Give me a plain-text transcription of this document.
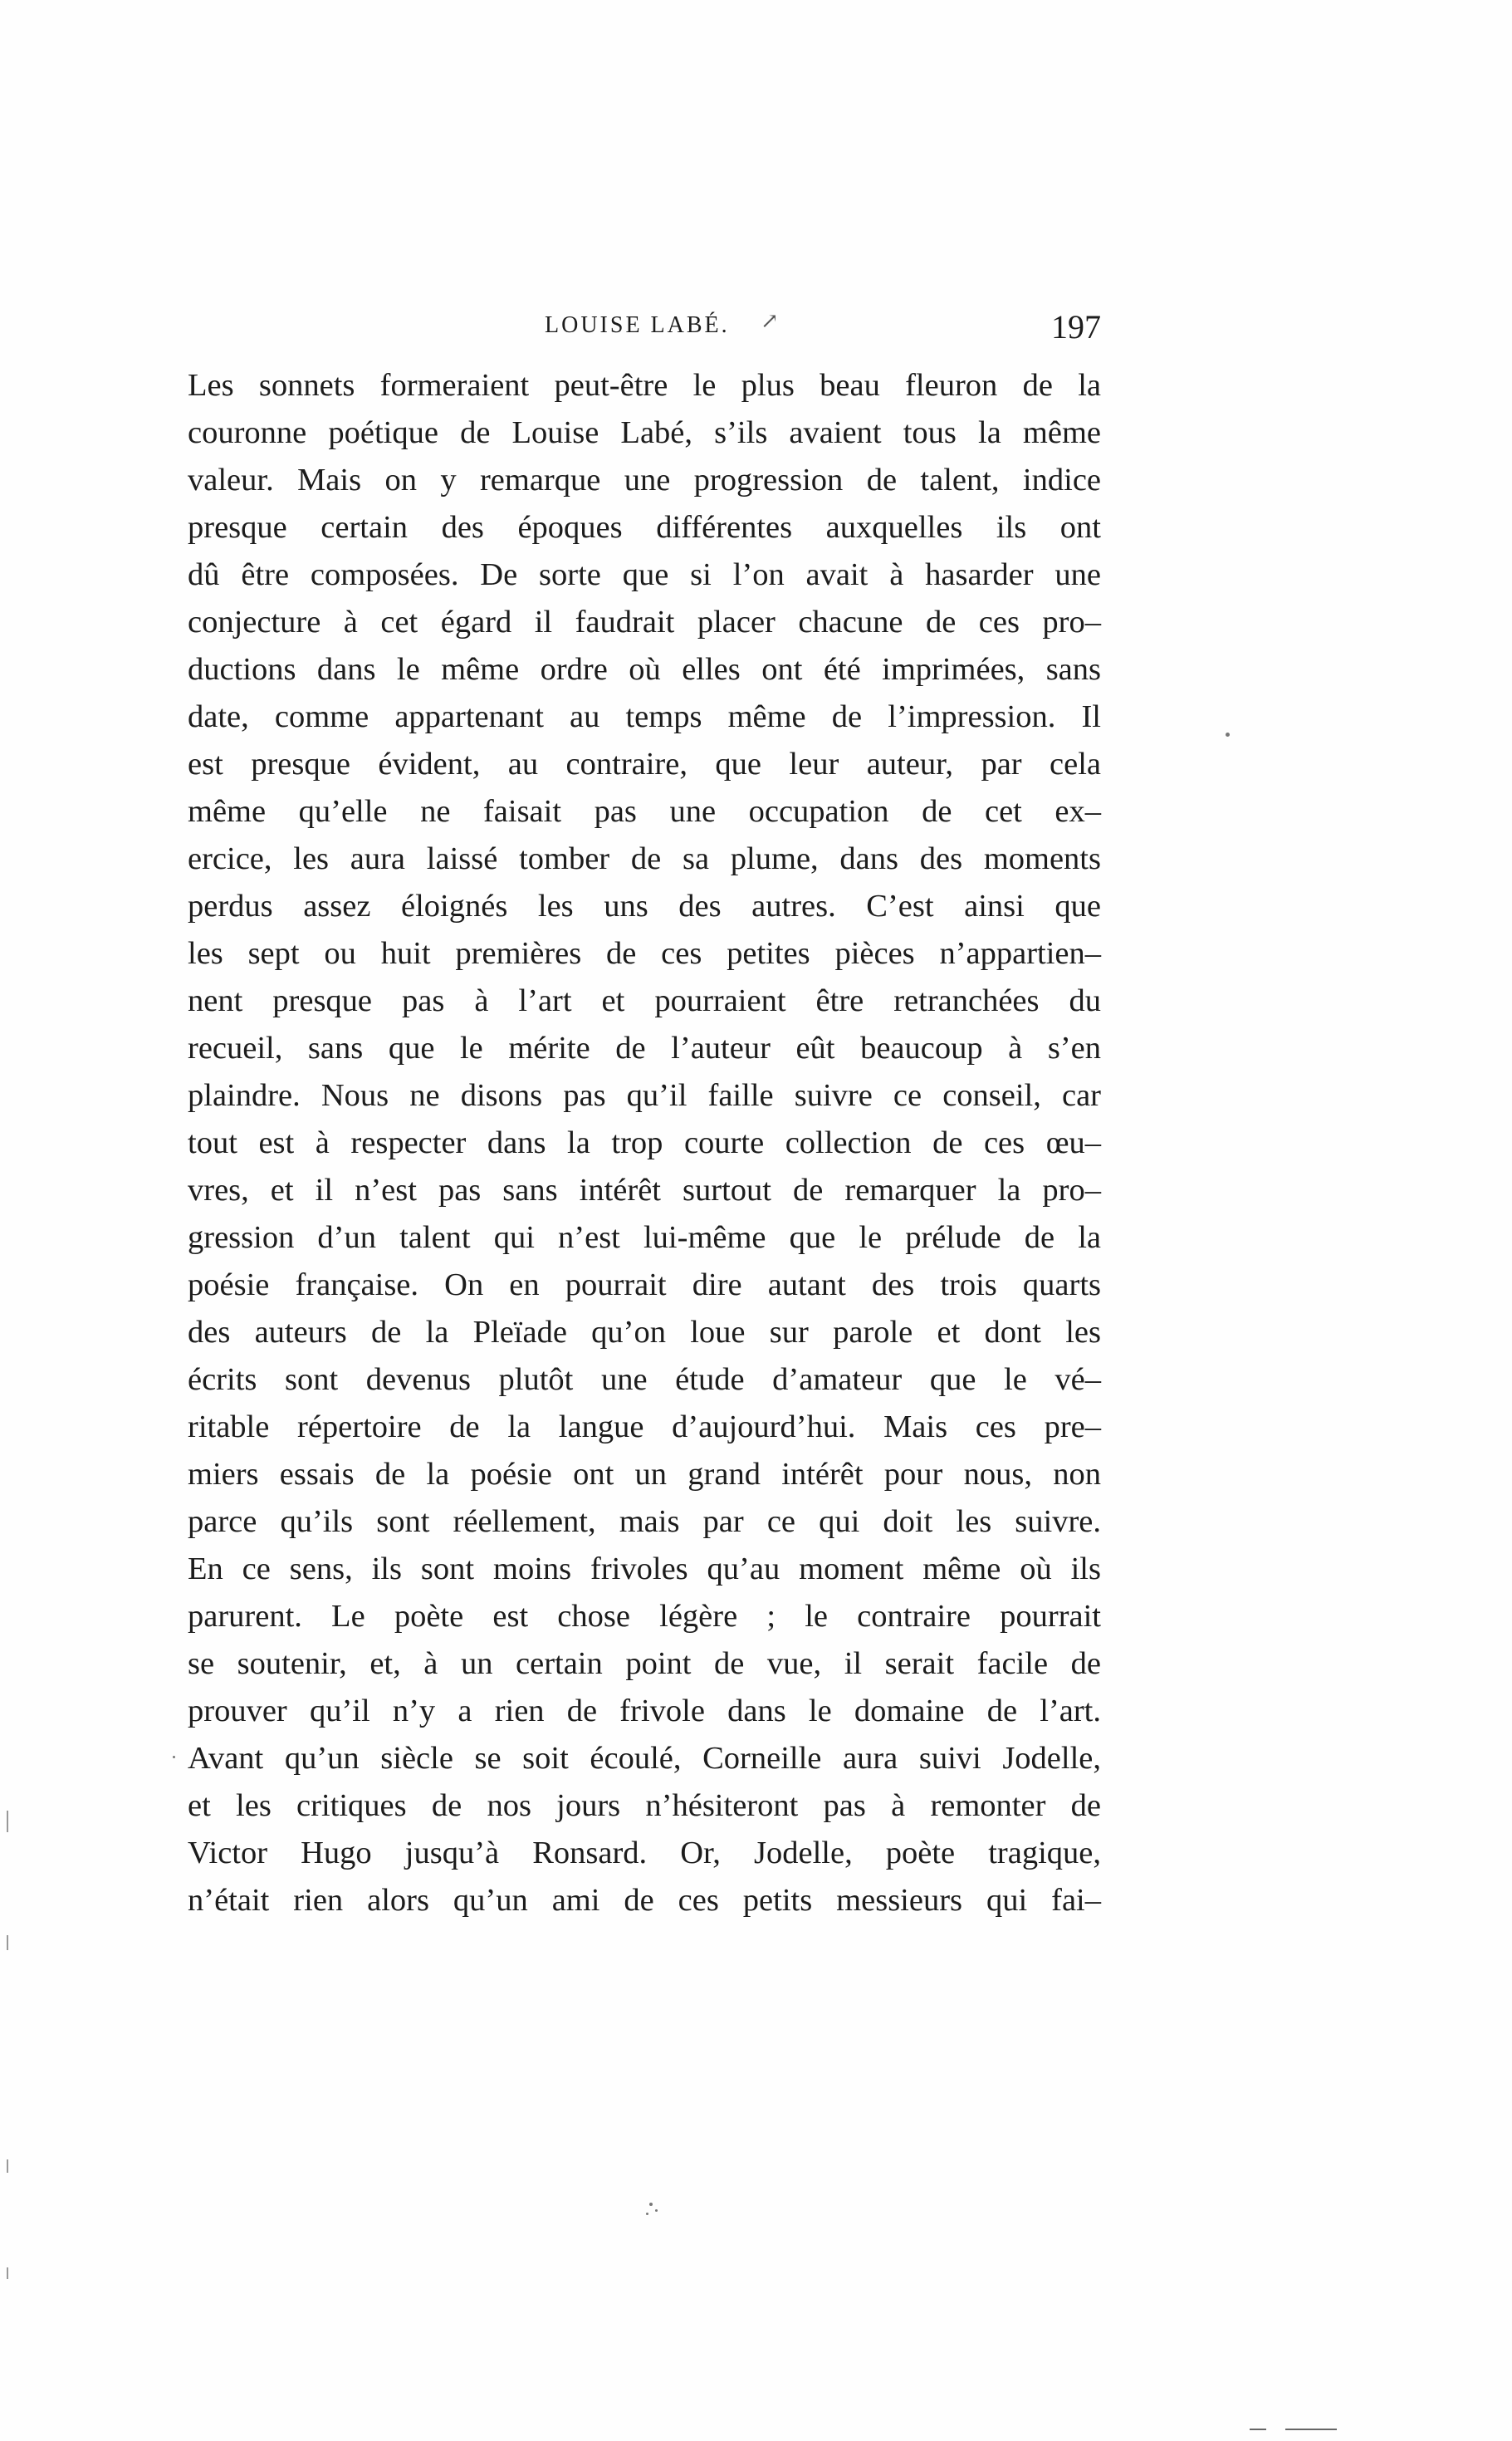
LOUISE LABÉ. ↗	197
Les sonnets formeraient peut-être le plus beau fleuron de la
couronne poétique de Louise Labé, s’ils avaient tous la même
valeur. Mais on y remarque une progression de talent, indice
presque certain des époques différentes auxquelles ils ont
dû être composées. De sorte que si l’on avait à hasarder une
conjecture à cet égard il faudrait placer chacune de ces pro–
ductions dans le même ordre où elles ont été imprimées, sans
date, comme appartenant au temps même de l’impression. Il
est presque évident, au contraire, que leur auteur, par cela
même qu’elle ne faisait pas une occupation de cet ex–
ercice, les aura laissé tomber de sa plume, dans des moments
perdus assez éloignés les uns des autres. C’est ainsi que
les sept ou huit premières de ces petites pièces n’appartien–
nent presque pas à l’art et pourraient être retranchées du
recueil, sans que le mérite de l’auteur eût beaucoup à s’en
plaindre. Nous ne disons pas qu’il faille suivre ce conseil, car
tout est à respecter dans la trop courte collection de ces œu–
vres, et il n’est pas sans intérêt surtout de remarquer la pro–
gression d’un talent qui n’est lui-même que le prélude de la
poésie française. On en pourrait dire autant des trois quarts
des auteurs de la Pleïade qu’on loue sur parole et dont les
écrits sont devenus plutôt une étude d’amateur que le vé–
ritable répertoire de la langue d’aujourd’hui. Mais ces pre–
miers essais de la poésie ont un grand intérêt pour nous, non
parce qu’ils sont réellement, mais par ce qui doit les suivre.
En ce sens, ils sont moins frivoles qu’au moment même où ils
parurent. Le poète est chose légère ; le contraire pourrait
se soutenir, et, à un certain point de vue, il serait facile de
prouver qu’il n’y a rien de frivole dans le domaine de l’art.
Avant qu’un siècle se soit écoulé, Corneille aura suivi Jodelle,
et les critiques de nos jours n’hésiteront pas à remonter de
Victor Hugo jusqu’à Ronsard. Or, Jodelle, poète tragique,
n’était rien alors qu’un ami de ces petits messieurs qui fai–
